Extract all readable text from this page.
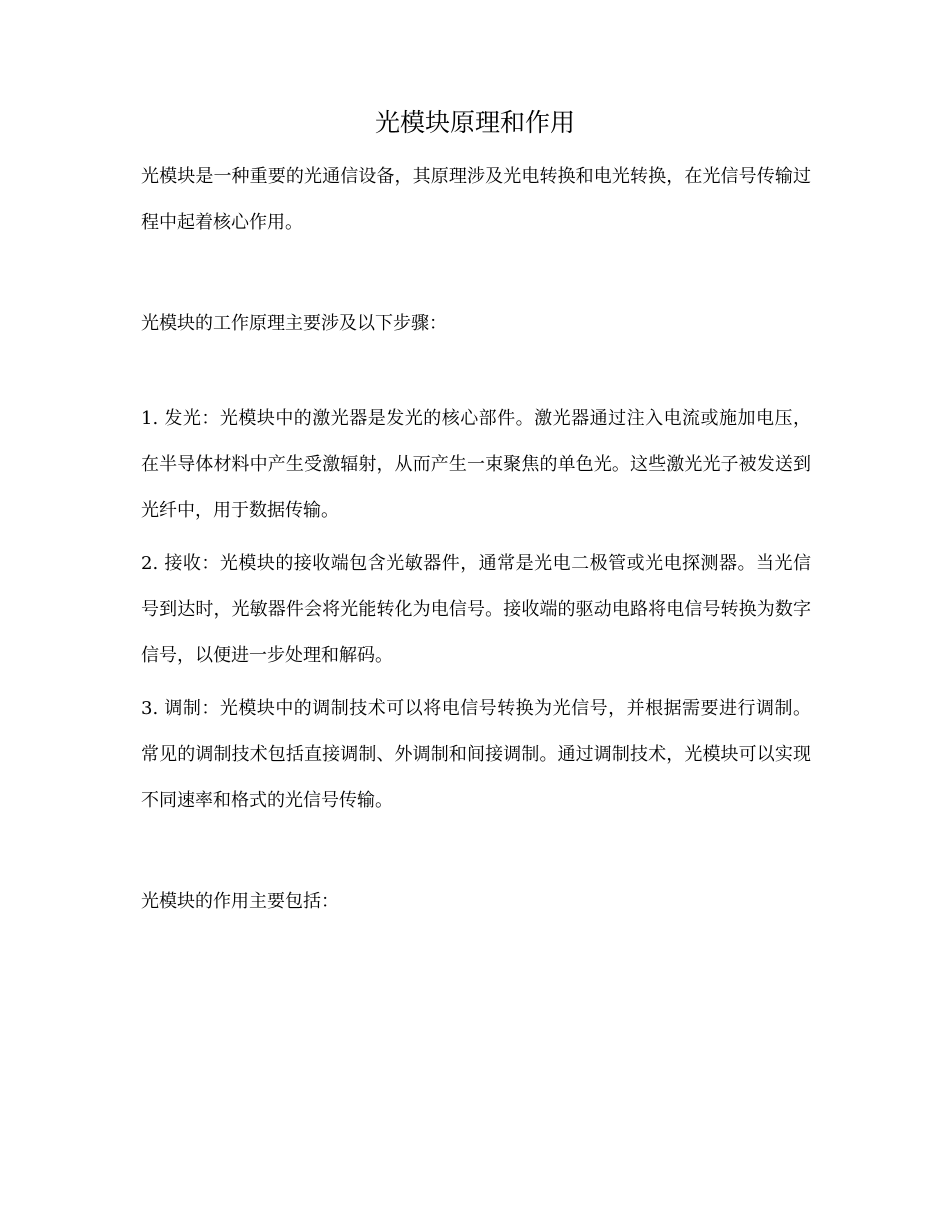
光模块原理和作用

光模块是一种重要的光通信设备，其原理涉及光电转换和电光转换，在光信号传输过程中起着核心作用。

光模块的工作原理主要涉及以下步骤：

1. 发光：光模块中的激光器是发光的核心部件。激光器通过注入电流或施加电压，在半导体材料中产生受激辐射，从而产生一束聚焦的单色光。这些激光光子被发送到光纤中，用于数据传输。

2. 接收：光模块的接收端包含光敏器件，通常是光电二极管或光电探测器。当光信号到达时，光敏器件会将光能转化为电信号。接收端的驱动电路将电信号转换为数字信号，以便进一步处理和解码。

3. 调制：光模块中的调制技术可以将电信号转换为光信号，并根据需要进行调制。常见的调制技术包括直接调制、外调制和间接调制。通过调制技术，光模块可以实现不同速率和格式的光信号传输。

光模块的作用主要包括：
